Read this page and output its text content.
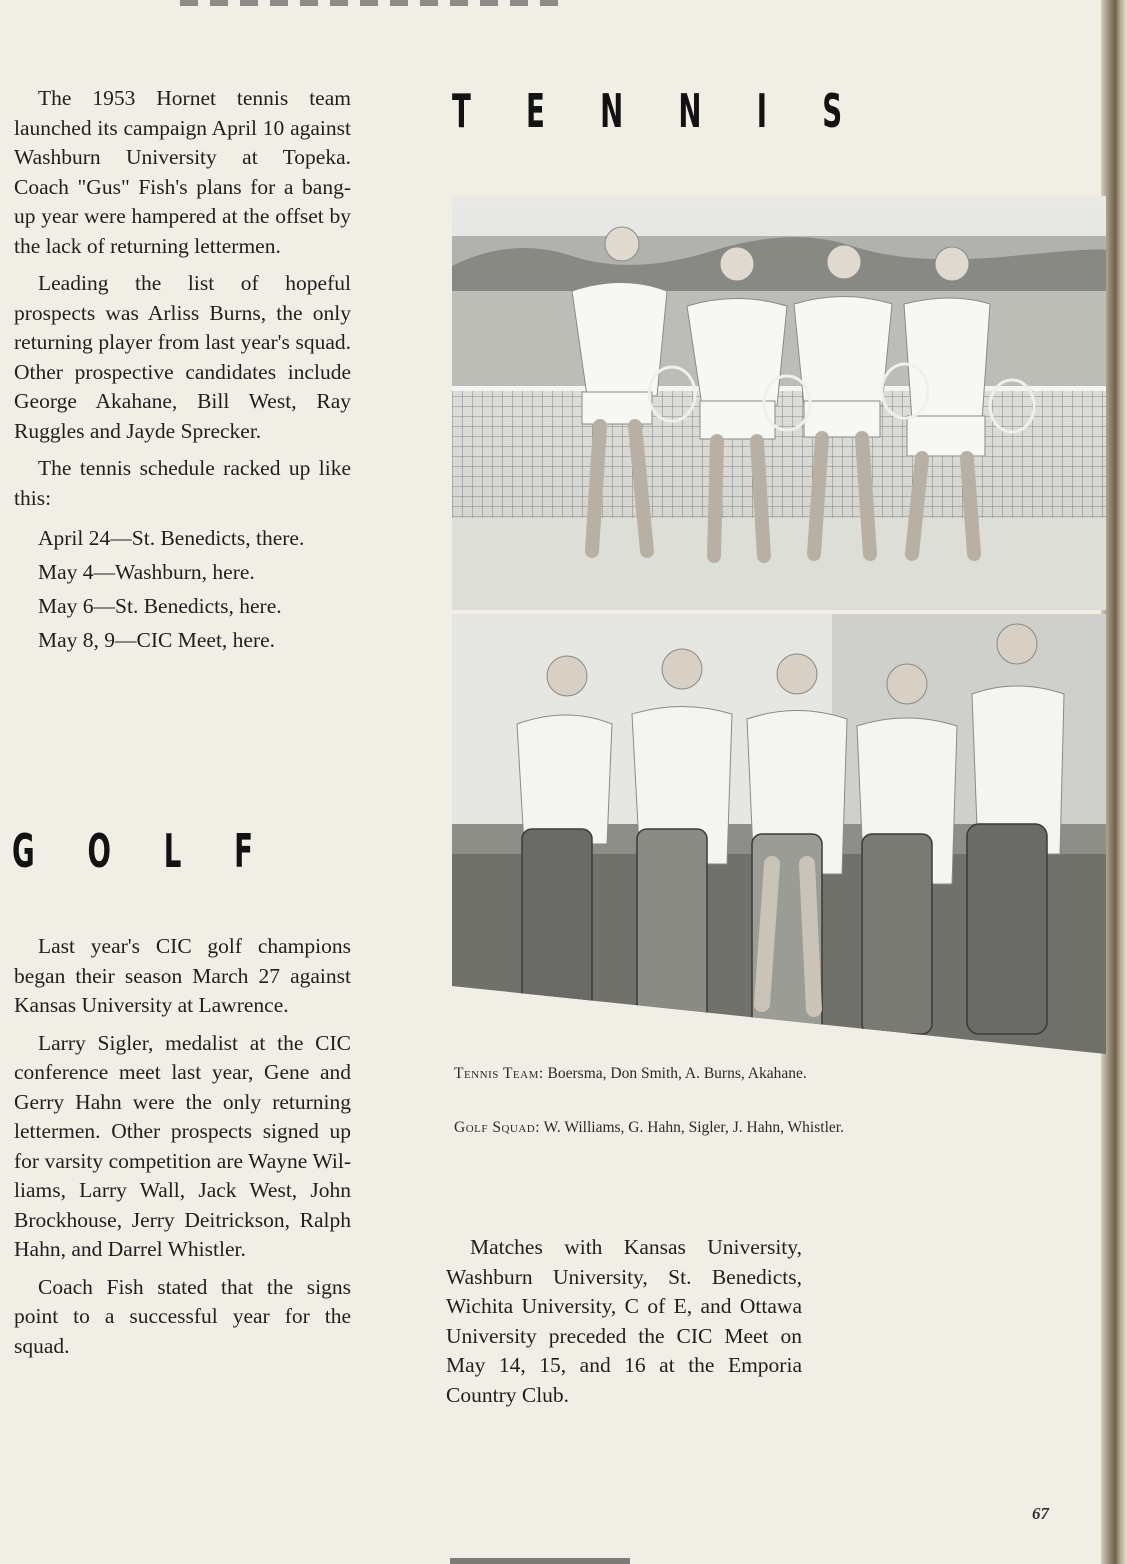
The 1953 Hornet tennis team launched its campaign April 10 against Washburn University at Topeka. Coach "Gus" Fish's plans for a bang-up year were hampered at the offset by the lack of returning lettermen.

Leading the list of hopeful prospects was Arliss Burns, the only returning player from last year's squad. Other prospective candidates include George Akahane, Bill West, Ray Ruggles and Jayde Sprecker.

The tennis schedule racked up like this:

April 24—St. Benedicts, there.
May 4—Washburn, here.
May 6—St. Benedicts, here.
May 8, 9—CIC Meet, here.
T E N N I S
G O L F
Tennis Team: Boersma, Don Smith, A. Burns, Akahane.
Golf Squad: W. Williams, G. Hahn, Sigler, J. Hahn, Whistler.

Last year's CIC golf champions began their season March 27 against Kansas University at Lawrence.

Larry Sigler, medalist at the CIC conference meet last year, Gene and Gerry Hahn were the only returning lettermen. Other prospects signed up for varsity competition are Wayne Williams, Larry Wall, Jack West, John Brockhouse, Jerry Deitrickson, Ralph Hahn, and Darrel Whistler.

Coach Fish stated that the signs point to a successful year for the squad.

Matches with Kansas University, Washburn University, St. Benedicts, Wichita University, C of E, and Ottawa University preceded the CIC Meet on May 14, 15, and 16 at the Emporia Country Club.

67
